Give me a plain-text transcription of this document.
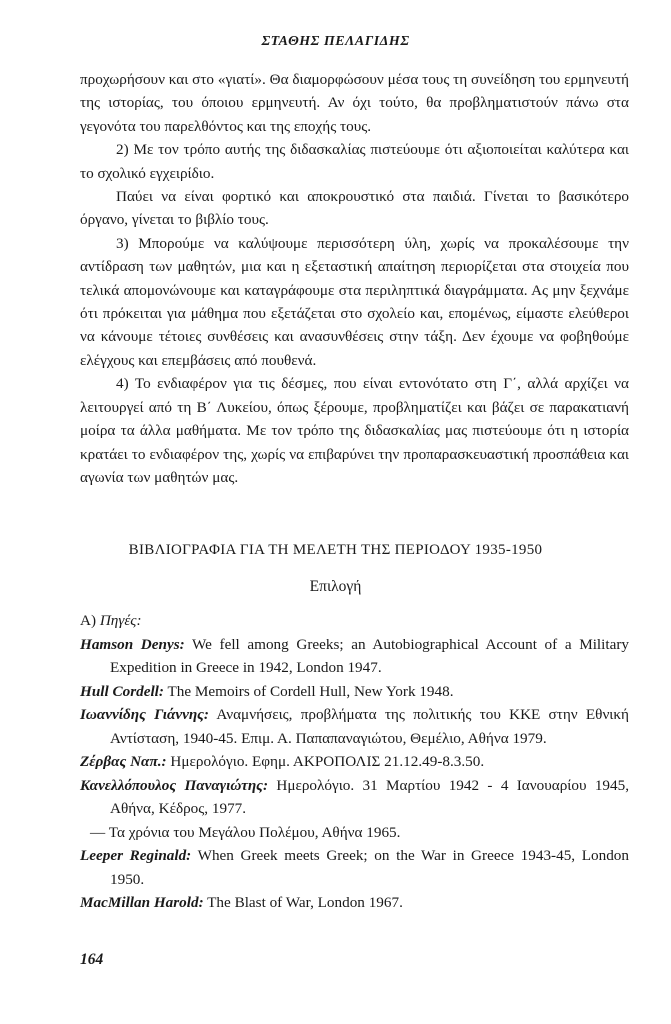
ΣΤΑΘΗΣ ΠΕΛΑΓΙΔΗΣ

προχωρήσουν και στο «γιατί». Θα διαμορφώσουν μέσα τους τη συνείδηση του ερμηνευτή της ιστορίας, του όποιου ερμηνευτή. Αν όχι τούτο, θα προβληματιστούν πάνω στα γεγονότα του παρελθόντος και της εποχής τους.

2) Με τον τρόπο αυτής της διδασκαλίας πιστεύουμε ότι αξιοποιείται καλύτερα και το σχολικό εγχειρίδιο.

Παύει να είναι φορτικό και αποκρουστικό στα παιδιά. Γίνεται το βασικότερο όργανο, γίνεται το βιβλίο τους.

3) Μπορούμε να καλύψουμε περισσότερη ύλη, χωρίς να προκαλέσουμε την αντίδραση των μαθητών, μια και η εξεταστική απαίτηση περιορίζεται στα στοιχεία που τελικά απομονώνουμε και καταγράφουμε στα περιληπτικά διαγράμματα. Ας μην ξεχνάμε ότι πρόκειται για μάθημα που εξετάζεται στο σχολείο και, επομένως, είμαστε ελεύθεροι να κάνουμε τέτοιες συνθέσεις και ανασυνθέσεις στην τάξη. Δεν έχουμε να φοβηθούμε ελέγχους και επεμβάσεις από πουθενά.

4) Το ενδιαφέρον για τις δέσμες, που είναι εντονότατο στη Γ΄, αλλά αρχίζει να λειτουργεί από τη Β΄ Λυκείου, όπως ξέρουμε, προβληματίζει και βάζει σε παρακατιανή μοίρα τα άλλα μαθήματα. Με τον τρόπο της διδασκαλίας μας πιστεύουμε ότι η ιστορία κρατάει το ενδιαφέρον της, χωρίς να επιβαρύνει την προπαρασκευαστική προσπάθεια και αγωνία των μαθητών μας.

ΒΙΒΛΙΟΓΡΑΦΙΑ ΓΙΑ ΤΗ ΜΕΛΕΤΗ ΤΗΣ ΠΕΡΙΟΔΟΥ 1935-1950
Επιλογή

Α) Πηγές:

Hamson Denys: We fell among Greeks; an Autobiographical Account of a Military Expedition in Greece in 1942, London 1947.

Hull Cordell: The Memoirs of Cordell Hull, New York 1948.

Ιωαννίδης Γιάννης: Αναμνήσεις, προβλήματα της πολιτικής του ΚΚΕ στην Εθνική Αντίσταση, 1940-45. Επιμ. Α. Παπαπαναγιώτου, Θεμέλιο, Αθήνα 1979.

Ζέρβας Ναπ.: Ημερολόγιο. Εφημ. ΑΚΡΟΠΟΛΙΣ 21.12.49-8.3.50.

Κανελλόπουλος Παναγιώτης: Ημερολόγιο. 31 Μαρτίου 1942 - 4 Ιανουαρίου 1945, Αθήνα, Κέδρος, 1977.

— Τα χρόνια του Μεγάλου Πολέμου, Αθήνα 1965.

Leeper Reginald: When Greek meets Greek; on the War in Greece 1943-45, London 1950.

MacMillan Harold: The Blast of War, London 1967.

164
